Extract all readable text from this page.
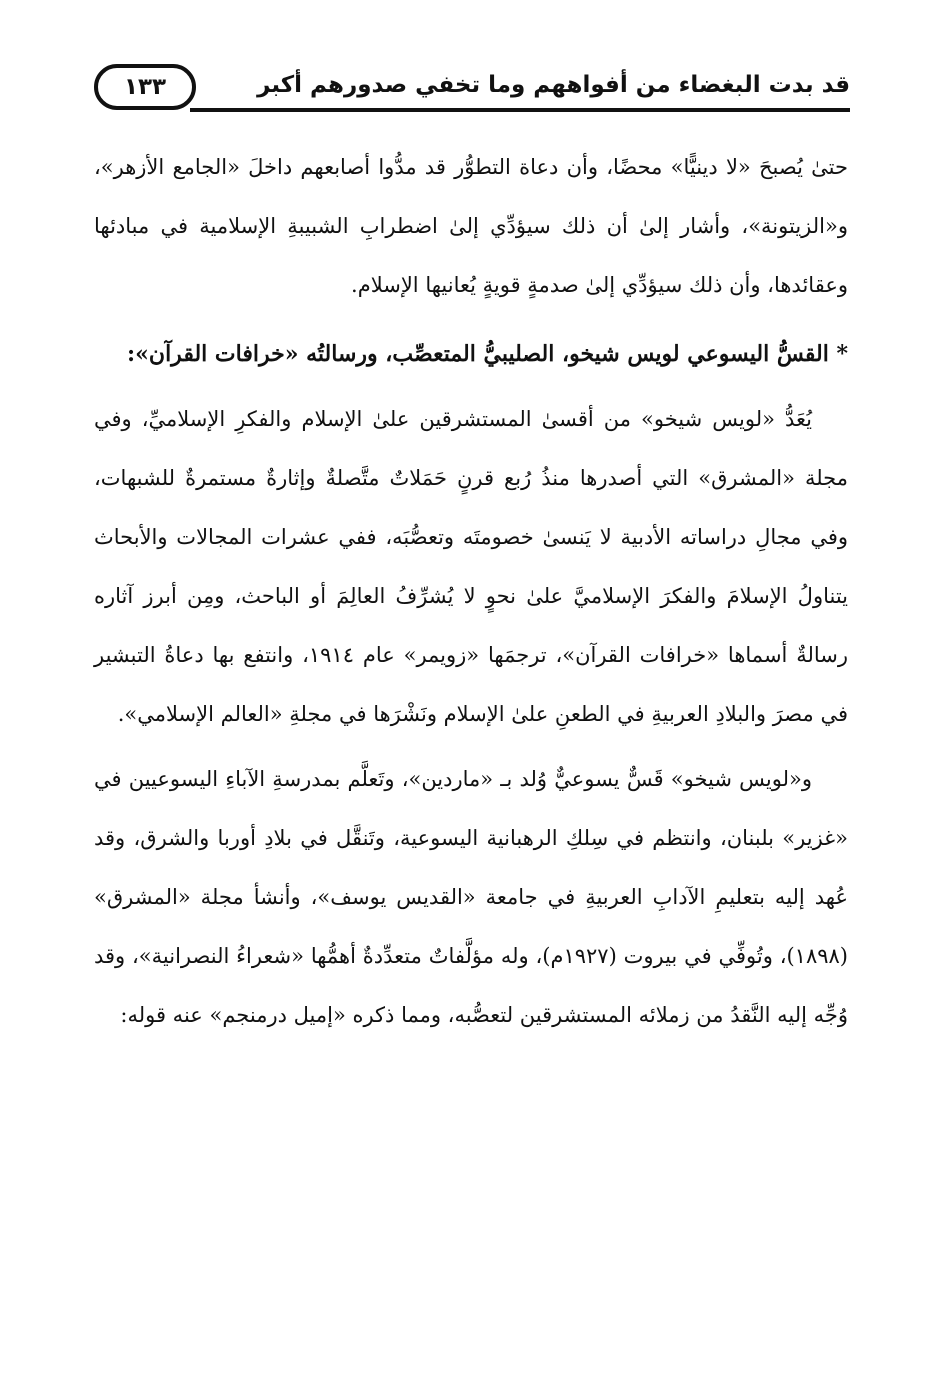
قد بدت البغضاء من أفواههم وما تخفي صدورهم أكبر
١٣٣

حتىٰ يُصبحَ «لا دينيًّا» محضًا، وأن دعاة التطوُّر قد مدُّوا أصابعهم داخلَ «الجامع الأزهر»، و«الزيتونة»، وأشار إلىٰ أن ذلك سيؤدِّي إلىٰ اضطرابِ الشبيبةِ الإسلامية في مبادئها وعقائدها، وأن ذلك سيؤدِّي إلىٰ صدمةٍ قويةٍ يُعانيها الإسلام.

* القسُّ اليسوعي لويس شيخو، الصليبيُّ المتعصِّب، ورسالتُه «خرافات القرآن»:

يُعَدُّ «لويس شيخو» من أقسىٰ المستشرقين علىٰ الإسلام والفكرِ الإسلاميِّ، وفي مجلة «المشرق» التي أصدرها منذُ رُبع قرنٍ حَمَلاتٌ متَّصلةٌ وإثارةٌ مستمرةٌ للشبهات، وفي مجالِ دراساته الأدبية لا يَنسىٰ خصومتَه وتعصُّبَه، ففي عشرات المجالات والأبحاث يتناولُ الإسلامَ والفكرَ الإسلاميَّ علىٰ نحوٍ لا يُشرِّفُ العالِمَ أو الباحث، ومِن أبرز آثاره رسالةٌ أسماها «خرافات القرآن»، ترجمَها «زويمر» عام ١٩١٤، وانتفع بها دعاةُ التبشير في مصرَ والبلادِ العربيةِ في الطعنِ علىٰ الإسلام ونَشْرَها في مجلةِ «العالم الإسلامي».

و«لويس شيخو» قَسٌّ يسوعيٌّ وُلد بـ «ماردين»، وتَعلَّم بمدرسةِ الآباءِ اليسوعيين في «غزير» بلبنان، وانتظم في سِلكِ الرهبانية اليسوعية، وتَنقَّل في بلادِ أوربا والشرق، وقد عُهد إليه بتعليمِ الآدابِ العربيةِ في جامعة «القديس يوسف»، وأنشأ مجلة «المشرق» (١٨٩٨)، وتُوفِّي في بيروت (١٩٢٧م)، وله مؤلَّفاتٌ متعدِّدةٌ أهمُّها «شعراءُ النصرانية»، وقد وُجِّه إليه النَّقدُ من زملائه المستشرقين لتعصُّبه، ومما ذكره «إميل درمنجم» عنه قوله:
